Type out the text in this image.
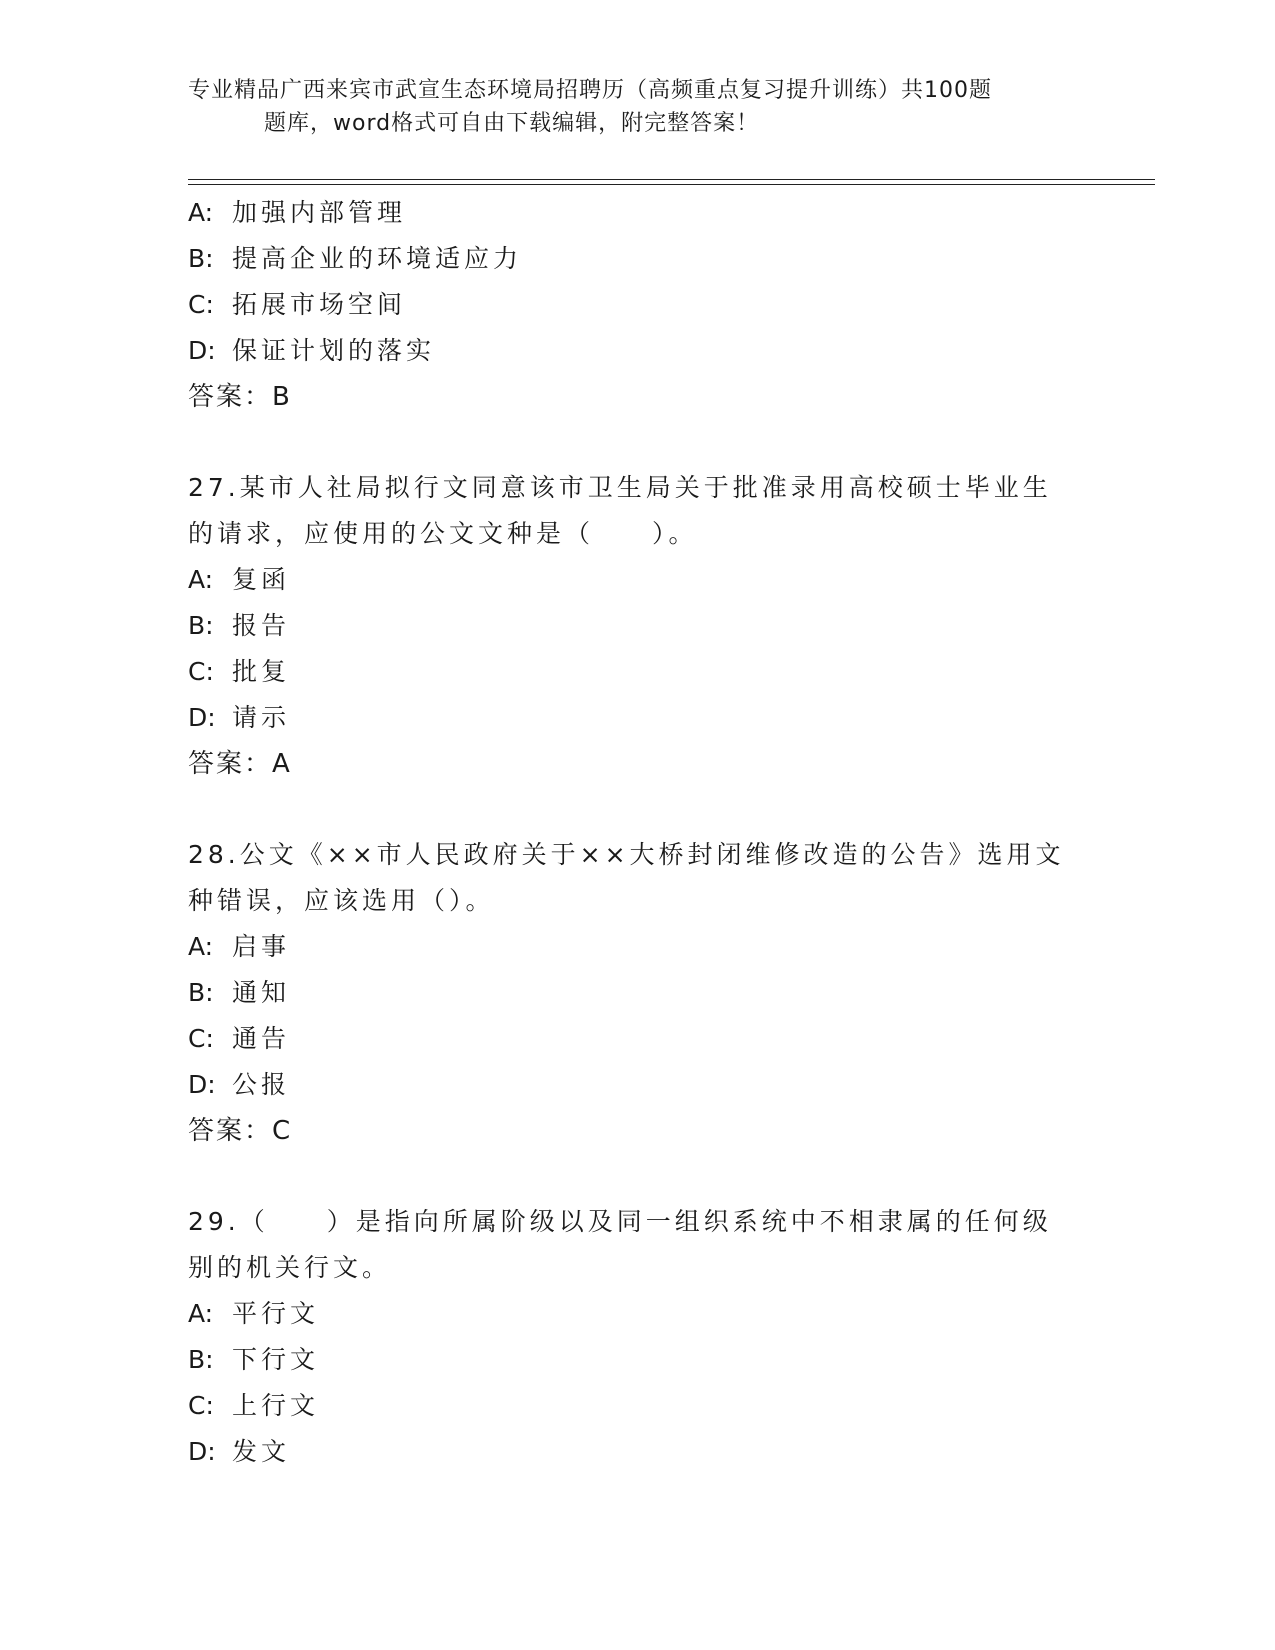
专业精品广西来宾市武宣生态环境局招聘历（高频重点复习提升训练）共100题
题库，word格式可自由下载编辑，附完整答案！
A: 加强内部管理
B: 提高企业的环境适应力
C: 拓展市场空间
D: 保证计划的落实
答案：B
27.某市人社局拟行文同意该市卫生局关于批准录用高校硕士毕业生的请求，应使用的公文文种是（　　）。
A: 复函
B: 报告
C: 批复
D: 请示
答案：A
28.公文《××市人民政府关于××大桥封闭维修改造的公告》选用文种错误，应该选用（）。
A: 启事
B: 通知
C: 通告
D: 公报
答案：C
29.（　　）是指向所属阶级以及同一组织系统中不相隶属的任何级别的机关行文。
A: 平行文
B: 下行文
C: 上行文
D: 发文
